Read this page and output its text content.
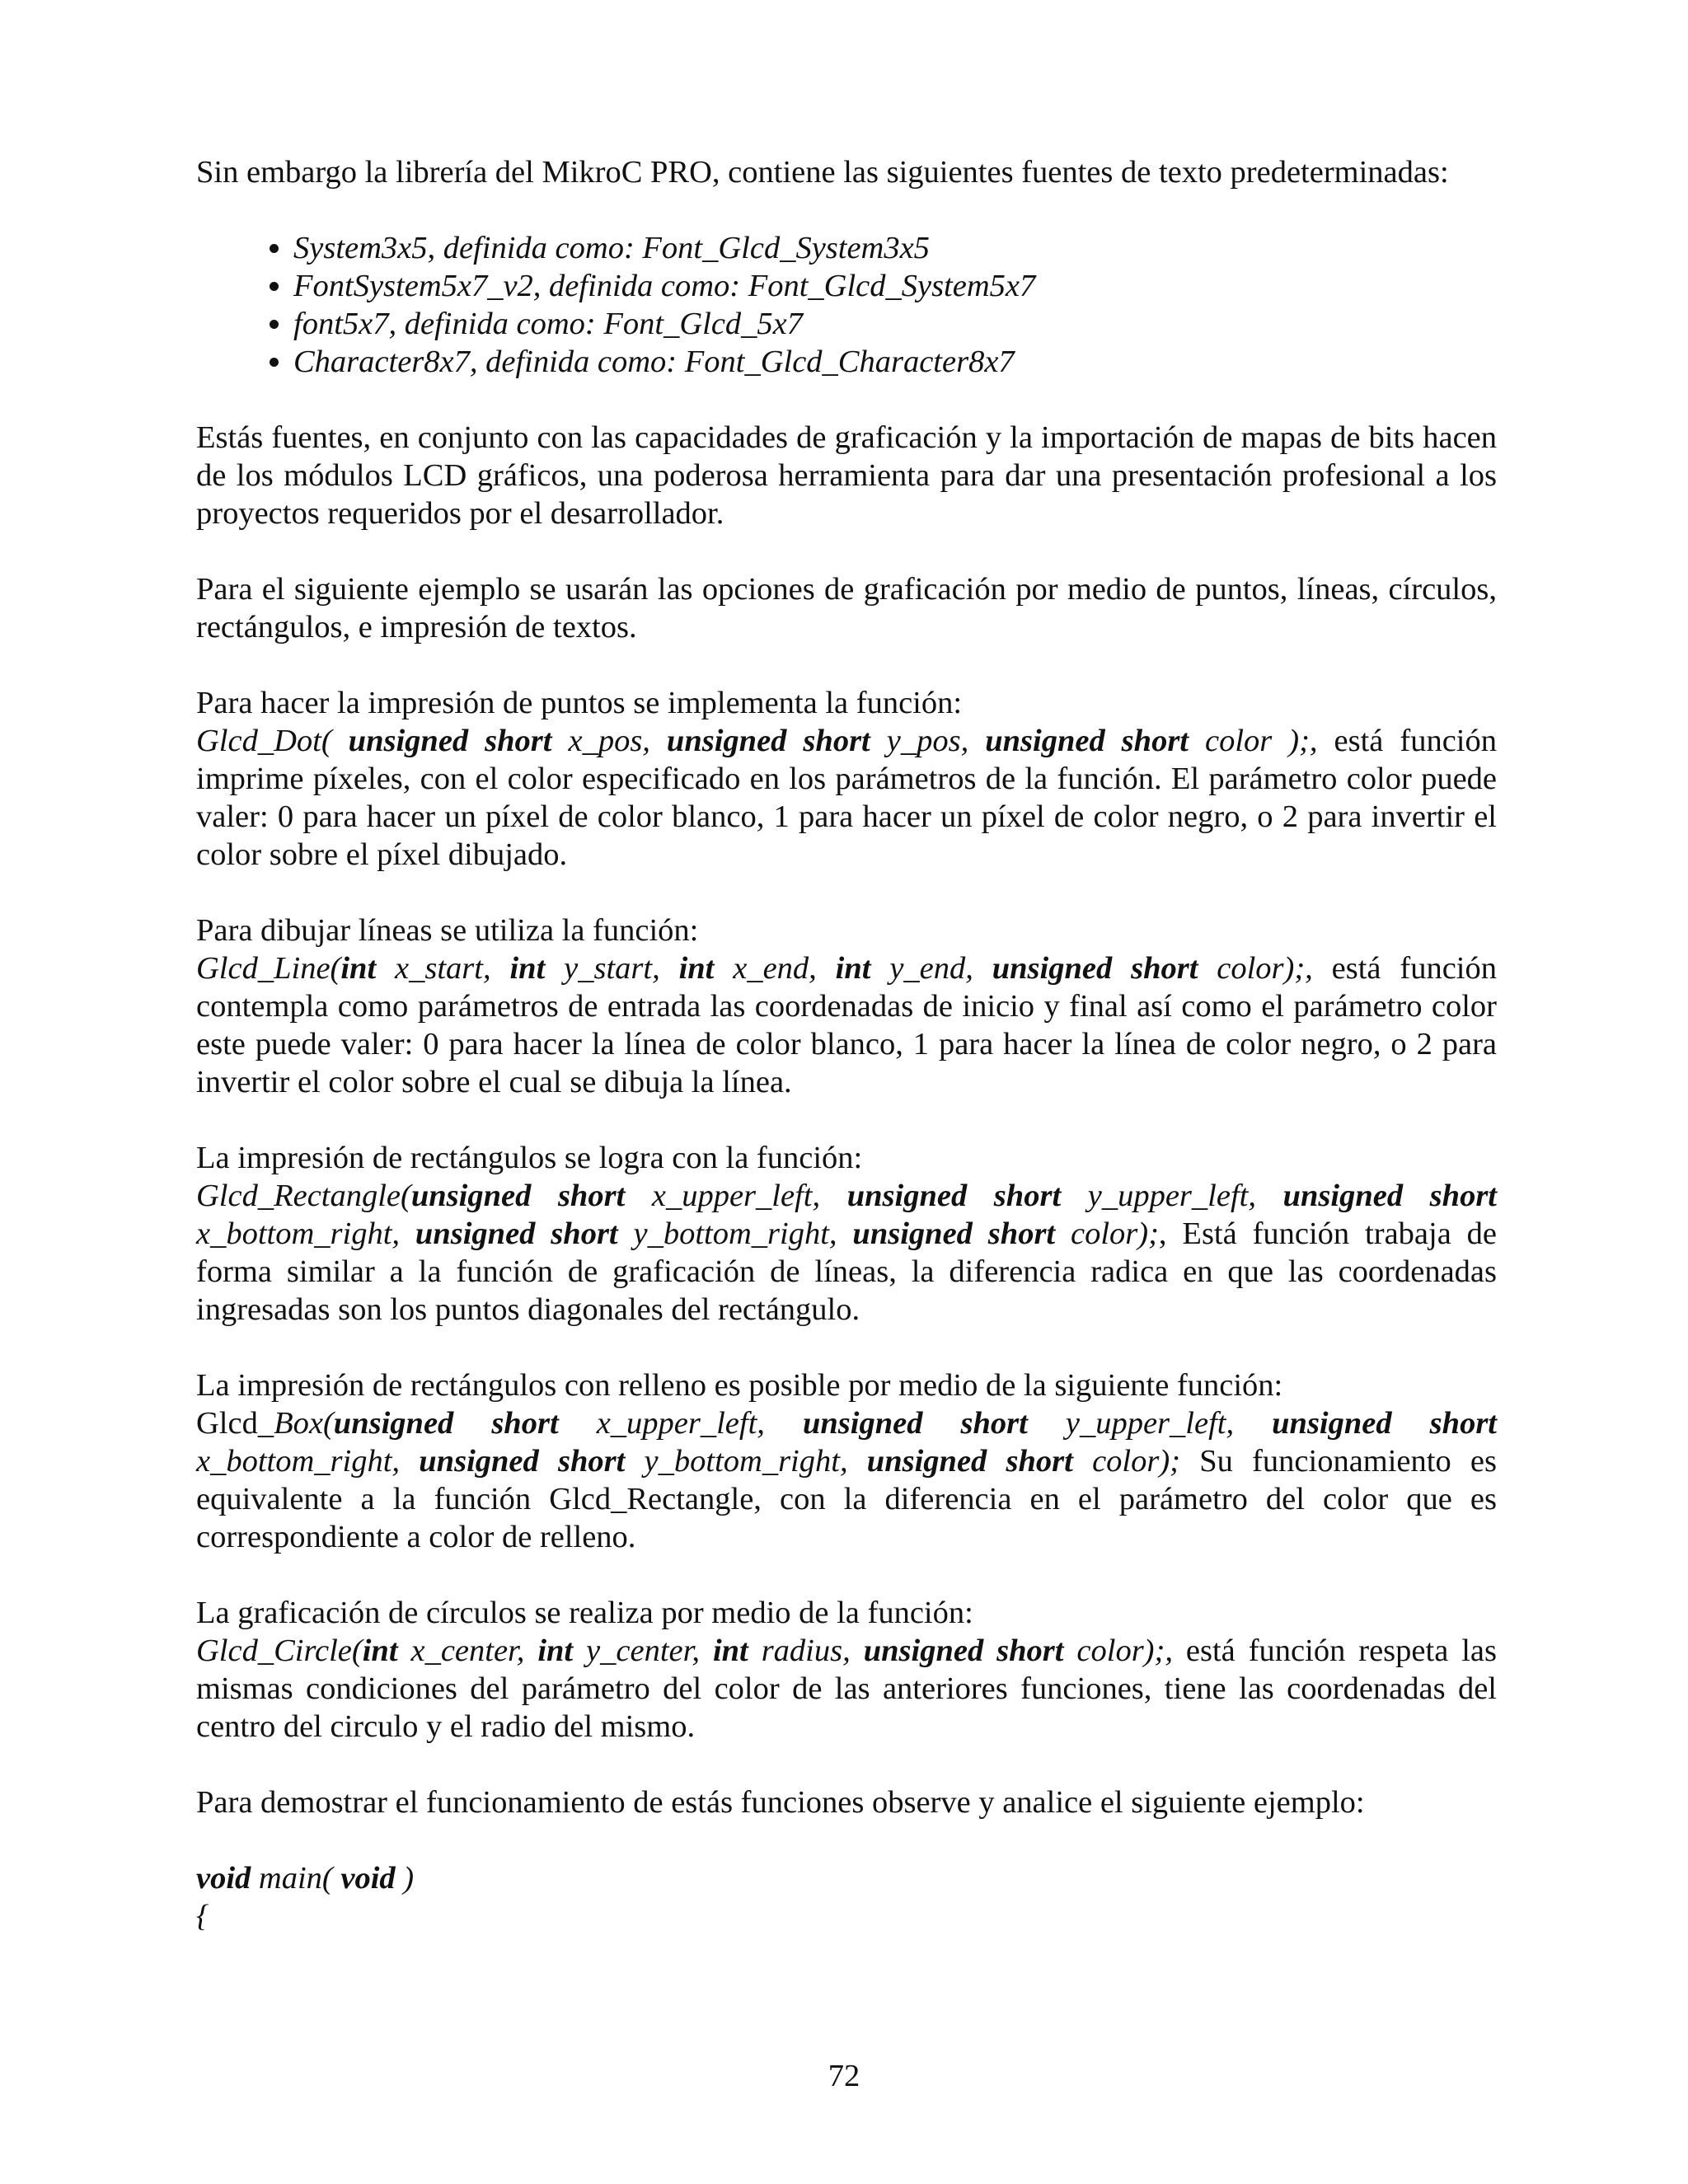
Sin embargo la librería del MikroC PRO, contiene las siguientes fuentes de texto predeterminadas:

• System3x5, definida como: Font_Glcd_System3x5
• FontSystem5x7_v2, definida como: Font_Glcd_System5x7
• font5x7, definida como: Font_Glcd_5x7
• Character8x7, definida como: Font_Glcd_Character8x7

Estás fuentes, en conjunto con las capacidades de graficación y la importación de mapas de bits hacen de los módulos LCD gráficos, una poderosa herramienta para dar una presentación profesional a los proyectos requeridos por el desarrollador.

Para el siguiente ejemplo se usarán las opciones de graficación por medio de puntos, líneas, círculos, rectángulos, e impresión de textos.

Para hacer la impresión de puntos se implementa la función:
Glcd_Dot( unsigned short x_pos, unsigned short y_pos, unsigned short color );, está función imprime píxeles, con el color especificado en los parámetros de la función. El parámetro color puede valer: 0 para hacer un píxel de color blanco, 1 para hacer un píxel de color negro, o 2 para invertir el color sobre el píxel dibujado.

Para dibujar líneas se utiliza la función:
Glcd_Line(int x_start, int y_start, int x_end, int y_end, unsigned short color);, está función contempla como parámetros de entrada las coordenadas de inicio y final así como el parámetro color este puede valer: 0 para hacer la línea de color blanco, 1 para hacer la línea de color negro, o 2 para invertir el color sobre el cual se dibuja la línea.

La impresión de rectángulos se logra con la función:
Glcd_Rectangle(unsigned short x_upper_left, unsigned short y_upper_left, unsigned short x_bottom_right, unsigned short y_bottom_right, unsigned short color);, Está función trabaja de forma similar a la función de graficación de líneas, la diferencia radica en que las coordenadas ingresadas son los puntos diagonales del rectángulo.

La impresión de rectángulos con relleno es posible por medio de la siguiente función:
Glcd_Box(unsigned short x_upper_left, unsigned short y_upper_left, unsigned short x_bottom_right, unsigned short y_bottom_right, unsigned short color); Su funcionamiento es equivalente a la función Glcd_Rectangle, con la diferencia en el parámetro del color que es correspondiente a color de relleno.

La graficación de círculos se realiza por medio de la función:
Glcd_Circle(int x_center, int y_center, int radius, unsigned short color);, está función respeta las mismas condiciones del parámetro del color de las anteriores funciones, tiene las coordenadas del centro del circulo y el radio del mismo.

Para demostrar el funcionamiento de estás funciones observe y analice el siguiente ejemplo:

void main( void )
{
72
